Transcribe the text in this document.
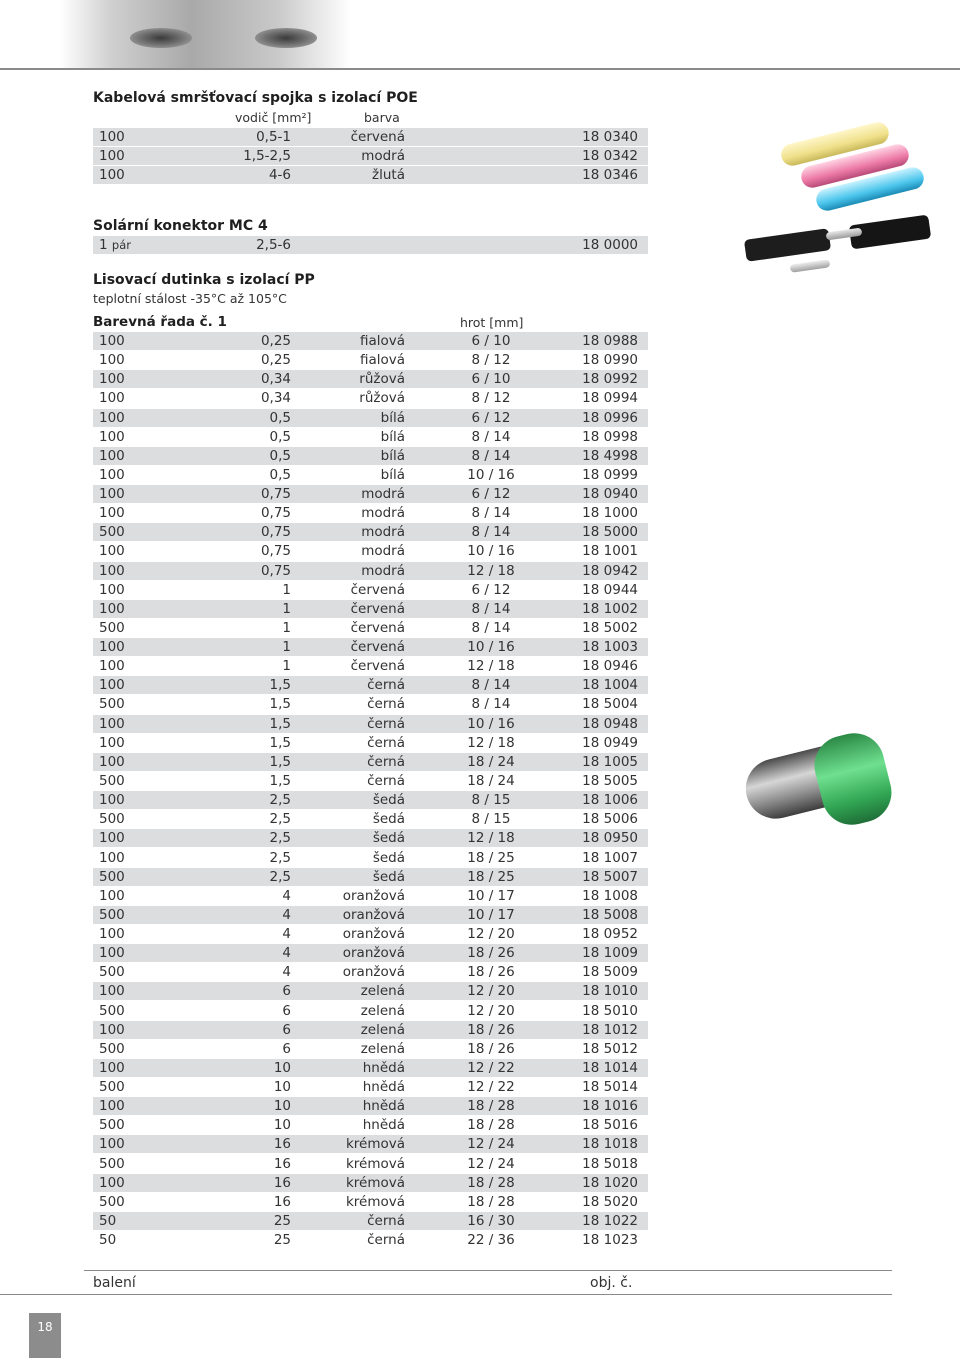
Kabelová smršťovací spojka s izolací POE
vodič [mm²]	barva
100	0,5-1	červená	18 0340
100	1,5-2,5	modrá	18 0342
100	4-6	žlutá	18 0346
Solární konektor MC 4
1 pár	2,5-6	18 0000
Lisovací dutinka s izolací PP
teplotní stálost -35°C až 105°C
Barevná řada č. 1	hrot [mm]
100	0,25	fialová	6 / 10	18 0988
100	0,25	fialová	8 / 12	18 0990
100	0,34	růžová	6 / 10	18 0992
100	0,34	růžová	8 / 12	18 0994
100	0,5	bílá	6 / 12	18 0996
100	0,5	bílá	8 / 14	18 0998
100	0,5	bílá	8 / 14	18 4998
100	0,5	bílá	10 / 16	18 0999
100	0,75	modrá	6 / 12	18 0940
100	0,75	modrá	8 / 14	18 1000
500	0,75	modrá	8 / 14	18 5000
100	0,75	modrá	10 / 16	18 1001
100	0,75	modrá	12 / 18	18 0942
100	1	červená	6 / 12	18 0944
100	1	červená	8 / 14	18 1002
500	1	červená	8 / 14	18 5002
100	1	červená	10 / 16	18 1003
100	1	červená	12 / 18	18 0946
100	1,5	černá	8 / 14	18 1004
500	1,5	černá	8 / 14	18 5004
100	1,5	černá	10 / 16	18 0948
100	1,5	černá	12 / 18	18 0949
100	1,5	černá	18 / 24	18 1005
500	1,5	černá	18 / 24	18 5005
100	2,5	šedá	8 / 15	18 1006
500	2,5	šedá	8 / 15	18 5006
100	2,5	šedá	12 / 18	18 0950
100	2,5	šedá	18 / 25	18 1007
500	2,5	šedá	18 / 25	18 5007
100	4	oranžová	10 / 17	18 1008
500	4	oranžová	10 / 17	18 5008
100	4	oranžová	12 / 20	18 0952
100	4	oranžová	18 / 26	18 1009
500	4	oranžová	18 / 26	18 5009
100	6	zelená	12 / 20	18 1010
500	6	zelená	12 / 20	18 5010
100	6	zelená	18 / 26	18 1012
500	6	zelená	18 / 26	18 5012
100	10	hnědá	12 / 22	18 1014
500	10	hnědá	12 / 22	18 5014
100	10	hnědá	18 / 28	18 1016
500	10	hnědá	18 / 28	18 5016
100	16	krémová	12 / 24	18 1018
500	16	krémová	12 / 24	18 5018
100	16	krémová	18 / 28	18 1020
500	16	krémová	18 / 28	18 5020
50	25	černá	16 / 30	18 1022
50	25	černá	22 / 36	18 1023
balení	obj. č.
18
